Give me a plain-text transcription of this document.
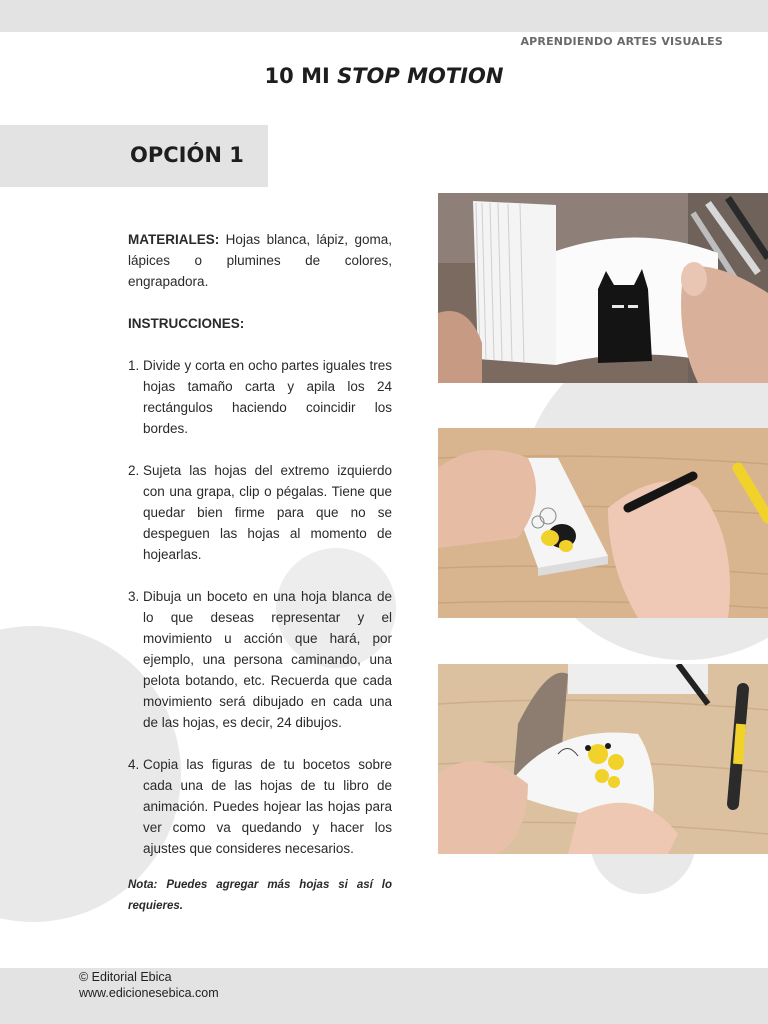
APRENDIENDO ARTES VISUALES
10 MI STOP MOTION
OPCIÓN 1

MATERIALES: Hojas blanca, lápiz, goma, lápices o plumines de colores, engrapadora.

INSTRUCCIONES:

1. Divide y corta en ocho partes iguales tres hojas tamaño carta y apila los 24 rectángulos haciendo coincidir los bordes.
2. Sujeta las hojas del extremo izquierdo con una grapa, clip o pégalas. Tiene que quedar bien firme para que no se despeguen las hojas al momento de hojearlas.
3. Dibuja un boceto en una hoja blanca de lo que deseas representar y el movimiento u acción que hará, por ejemplo, una persona caminando, una pelota botando, etc. Recuerda que cada movimiento será dibujado en cada una de las hojas, es decir, 24 dibujos.
4. Copia las figuras de tu bocetos sobre cada una de las hojas de tu libro de animación. Puedes hojear las hojas para ver como va quedando y hacer los ajustes que consideres necesarios.

Nota: Puedes agregar más hojas si así lo requieres.

© Editorial Ebica
www.edicionesebica.com
